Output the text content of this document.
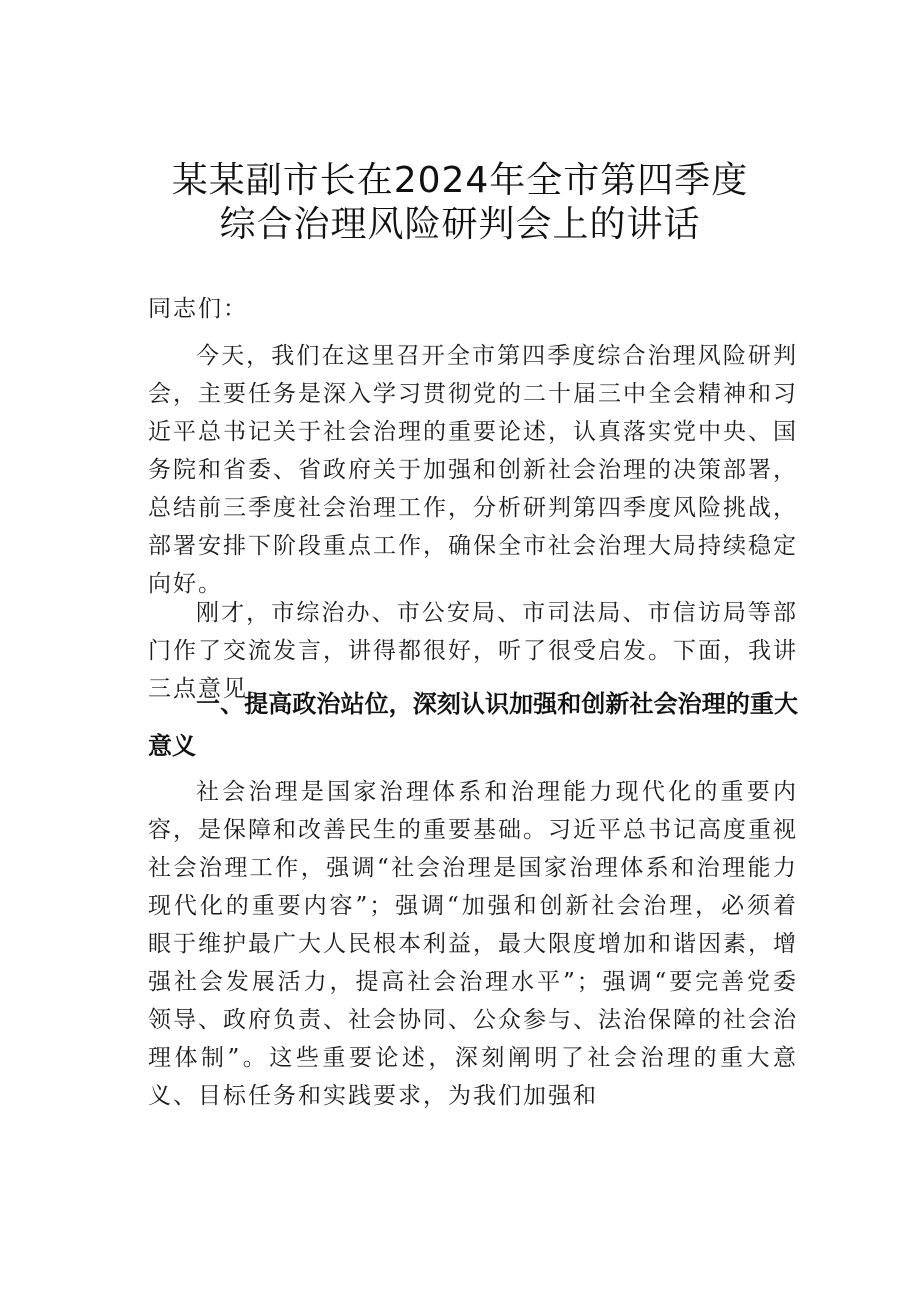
某某副市长在2024年全市第四季度
综合治理风险研判会上的讲话
同志们：
今天，我们在这里召开全市第四季度综合治理风险研判会，主要任务是深入学习贯彻党的二十届三中全会精神和习近平总书记关于社会治理的重要论述，认真落实党中央、国务院和省委、省政府关于加强和创新社会治理的决策部署，总结前三季度社会治理工作，分析研判第四季度风险挑战，部署安排下阶段重点工作，确保全市社会治理大局持续稳定向好。
刚才，市综治办、市公安局、市司法局、市信访局等部门作了交流发言，讲得都很好，听了很受启发。下面，我讲三点意见。
一、提高政治站位，深刻认识加强和创新社会治理的重大意义
社会治理是国家治理体系和治理能力现代化的重要内容，是保障和改善民生的重要基础。习近平总书记高度重视社会治理工作，强调“社会治理是国家治理体系和治理能力现代化的重要内容”；强调“加强和创新社会治理，必须着眼于维护最广大人民根本利益，最大限度增加和谐因素，增强社会发展活力，提高社会治理水平”；强调“要完善党委领导、政府负责、社会协同、公众参与、法治保障的社会治理体制”。这些重要论述，深刻阐明了社会治理的重大意义、目标任务和实践要求，为我们加强和
